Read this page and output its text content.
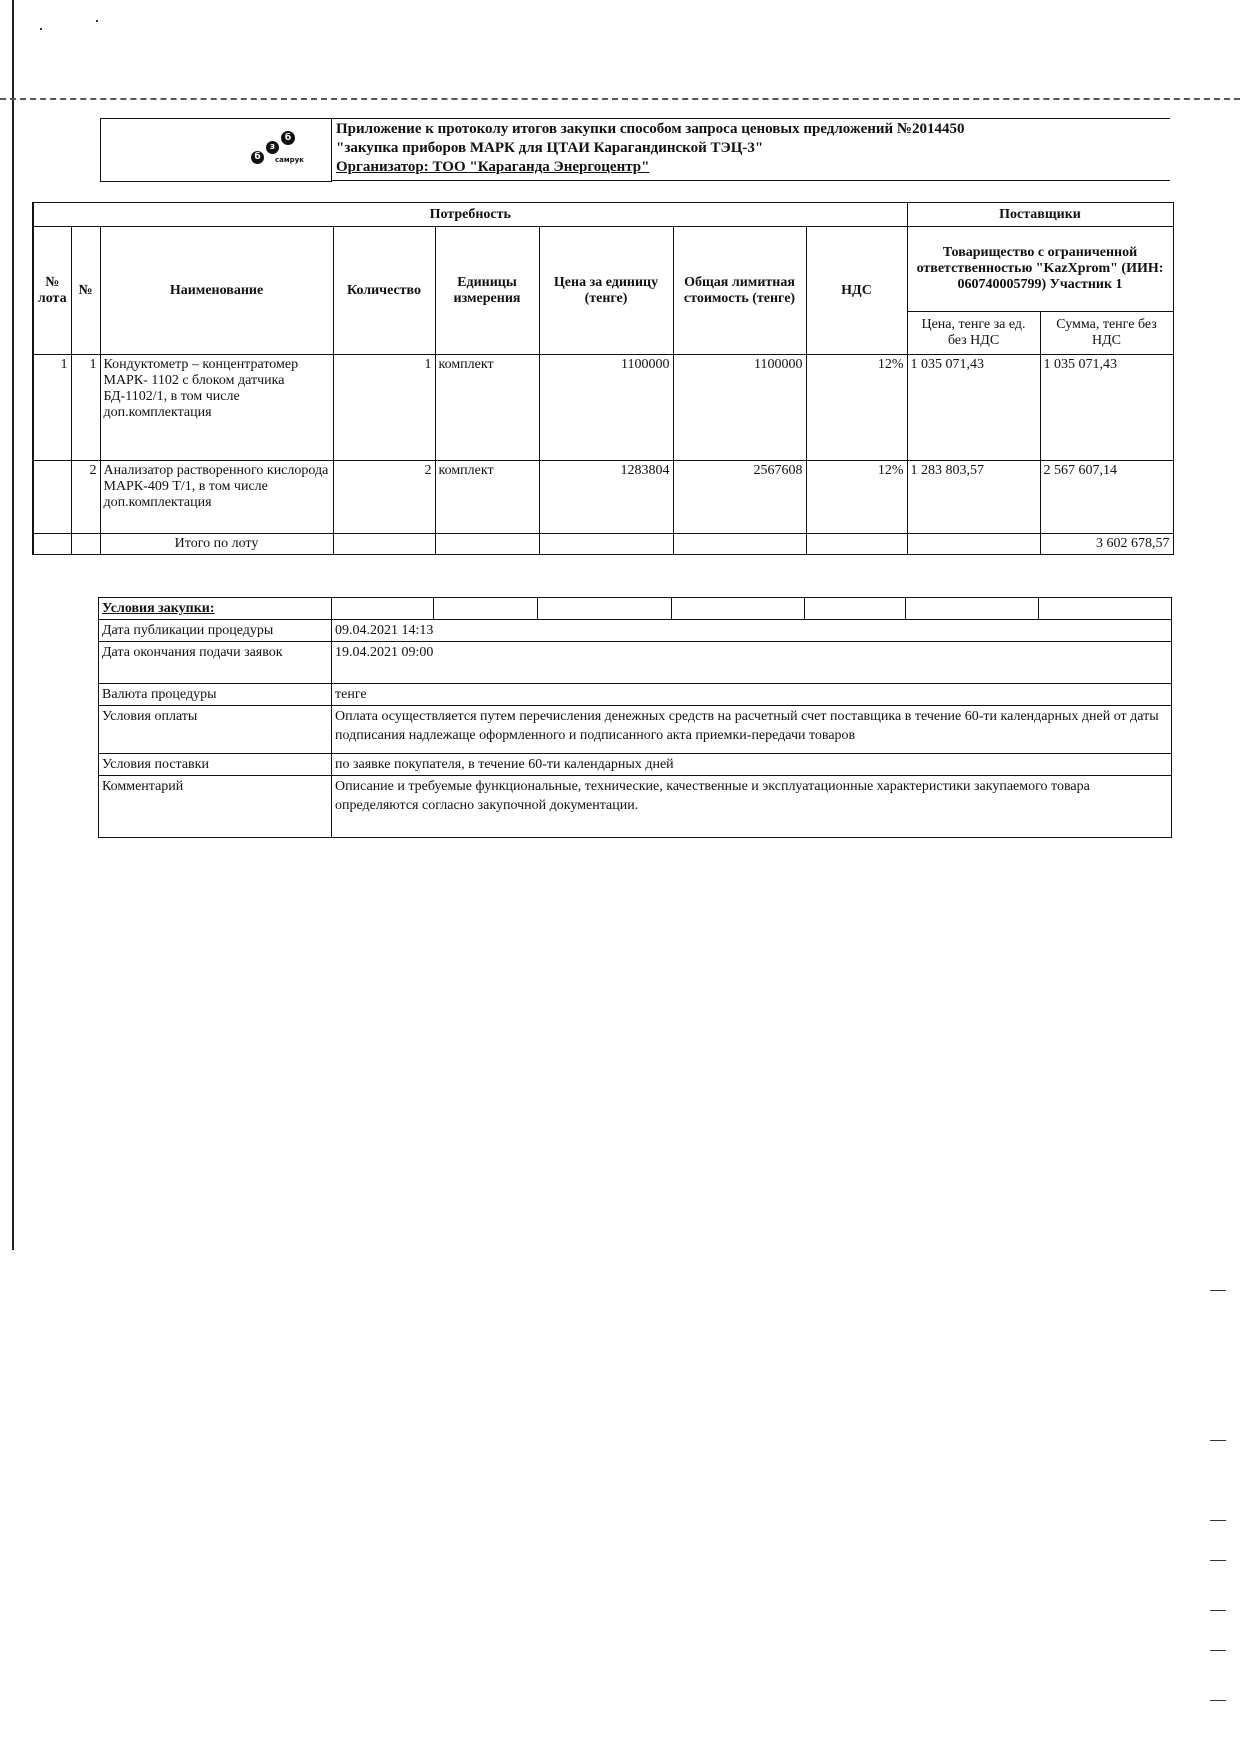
б
з
б
самрук
Приложение к протоколу итогов закупки способом запроса ценовых предложений №2014450
"закупка приборов МАРК для ЦТАИ Карагандинской ТЭЦ-3"
Организатор: ТОО "Караганда Энергоцентр"
Потребность								Поставщики	
№ лота	№	Наименование	Количество	Единицы измерения	Цена за единицу (тенге)	Общая лимитная стоимость (тенге)	НДС	Товарищество с ограниченной ответственностью "KazXprom" (ИИН: 060740005799) Участник 1	
								Цена, тенге за ед. без НДС	Сумма, тенге без НДС
1	1	Кондуктометр – концентратомер МАРК- 1102 с блоком датчика БД-1102/1, в том числе доп.комплектация	1	комплект	1100000	1100000	12%	1 035 071,43	1 035 071,43
	2	Анализатор растворенного кислорода МАРК-409 Т/1, в том числе доп.комплектация	2	комплект	1283804	2567608	12%	1 283 803,57	2 567 607,14
		Итого по лоту							3 602 678,57
Условия закупки:							
Дата публикации процедуры	09.04.2021 14:13						
Дата окончания подачи заявок	19.04.2021 09:00						
Валюта процедуры	тенге						
Условия оплаты	Оплата осуществляется путем перечисления денежных средств на расчетный счет поставщика в течение 60-ти календарных дней от даты подписания надлежаще оформленного и подписанного акта приемки-передачи товаров						
Условия поставки	по заявке покупателя, в течение 60-ти календарных дней						
Комментарий	Описание и требуемые функциональные, технические, качественные и эксплуатационные характеристики закупаемого товара определяются согласно закупочной документации.						
